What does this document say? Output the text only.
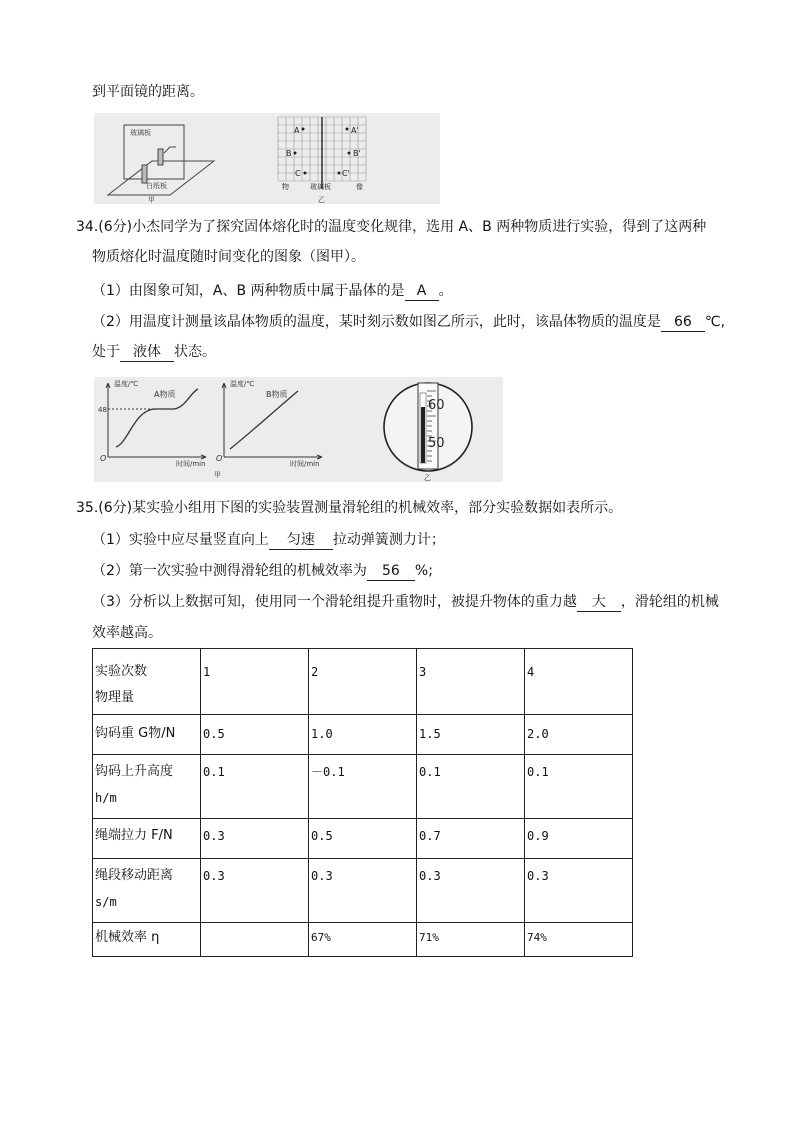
到平面镜的距离。
玻璃板
白纸板
甲
A	A'
B	B'
C	C'
物	玻璃板	像
乙
34.(6分)小杰同学为了探究固体熔化时的温度变化规律，选用 A、B 两种物质进行实验，得到了这两种
物质熔化时温度随时间变化的图象（图甲）。
（1）由图象可知，A、B 两种物质中属于晶体的是 A 。
（2）用温度计测量该晶体物质的温度，某时刻示数如图乙所示，此时，该晶体物质的温度是 66 ℃,
处于 液体 状态。
温度/℃
A物质
48
O
时间/min
甲
温度/℃
B物质
O
时间/min
60
50
乙
35.(6分)某实验小组用下图的实验装置测量滑轮组的机械效率，部分实验数据如表所示。
（1）实验中应尽量竖直向上 匀速 拉动弹簧测力计；
（2）第一次实验中测得滑轮组的机械效率为 56 %;
（3）分析以上数据可知，使用同一个滑轮组提升重物时，被提升物体的重力越 大 ，滑轮组的机械
效率越高。
实验次数
物理量	1	2	3	4

钩码重 G物/N	0.5	1.0	1.5	2.0

钩码上升高度
h/m	0.1	－0.1	0.1	0.1

绳端拉力 F/N	0.3	0.5	0.7	0.9

绳段移动距离
s/m	0.3	0.3	0.3	0.3

机械效率 η		67%	71%	74%
